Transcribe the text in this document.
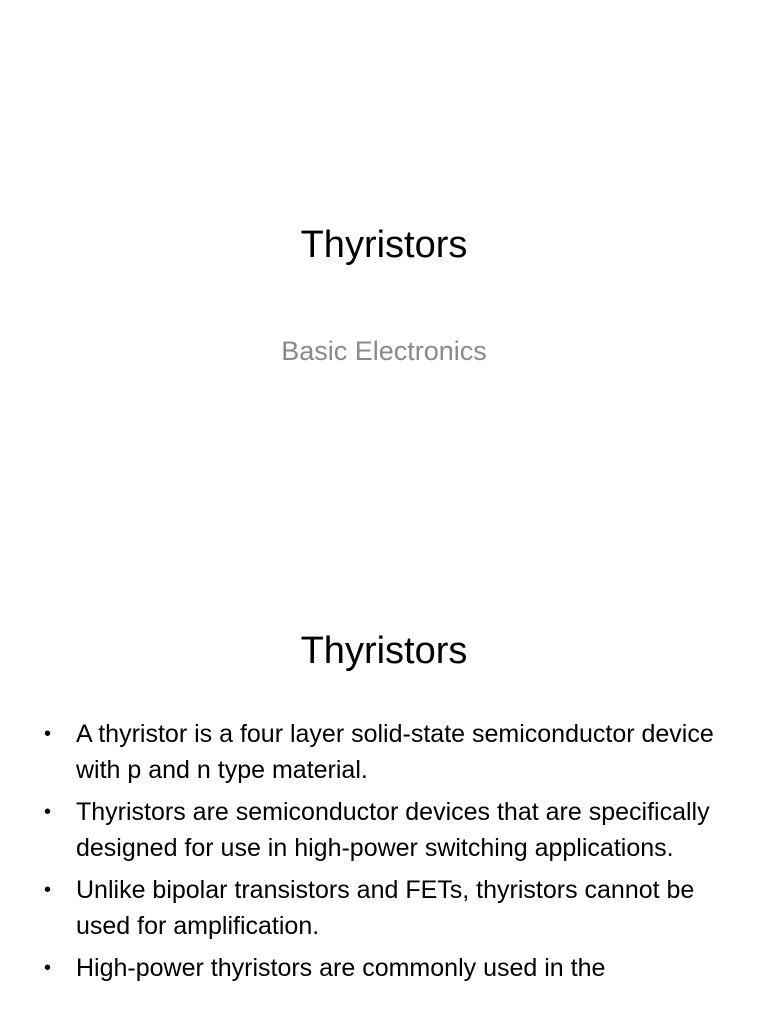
Thyristors

Basic Electronics

Thyristors
• A thyristor is a four layer solid-state semiconductor device with p and n type material.
• Thyristors are semiconductor devices that are specifically designed for use in high-power switching applications.
• Unlike bipolar transistors and FETs, thyristors cannot be used for amplification.
• High-power thyristors are commonly used in the
